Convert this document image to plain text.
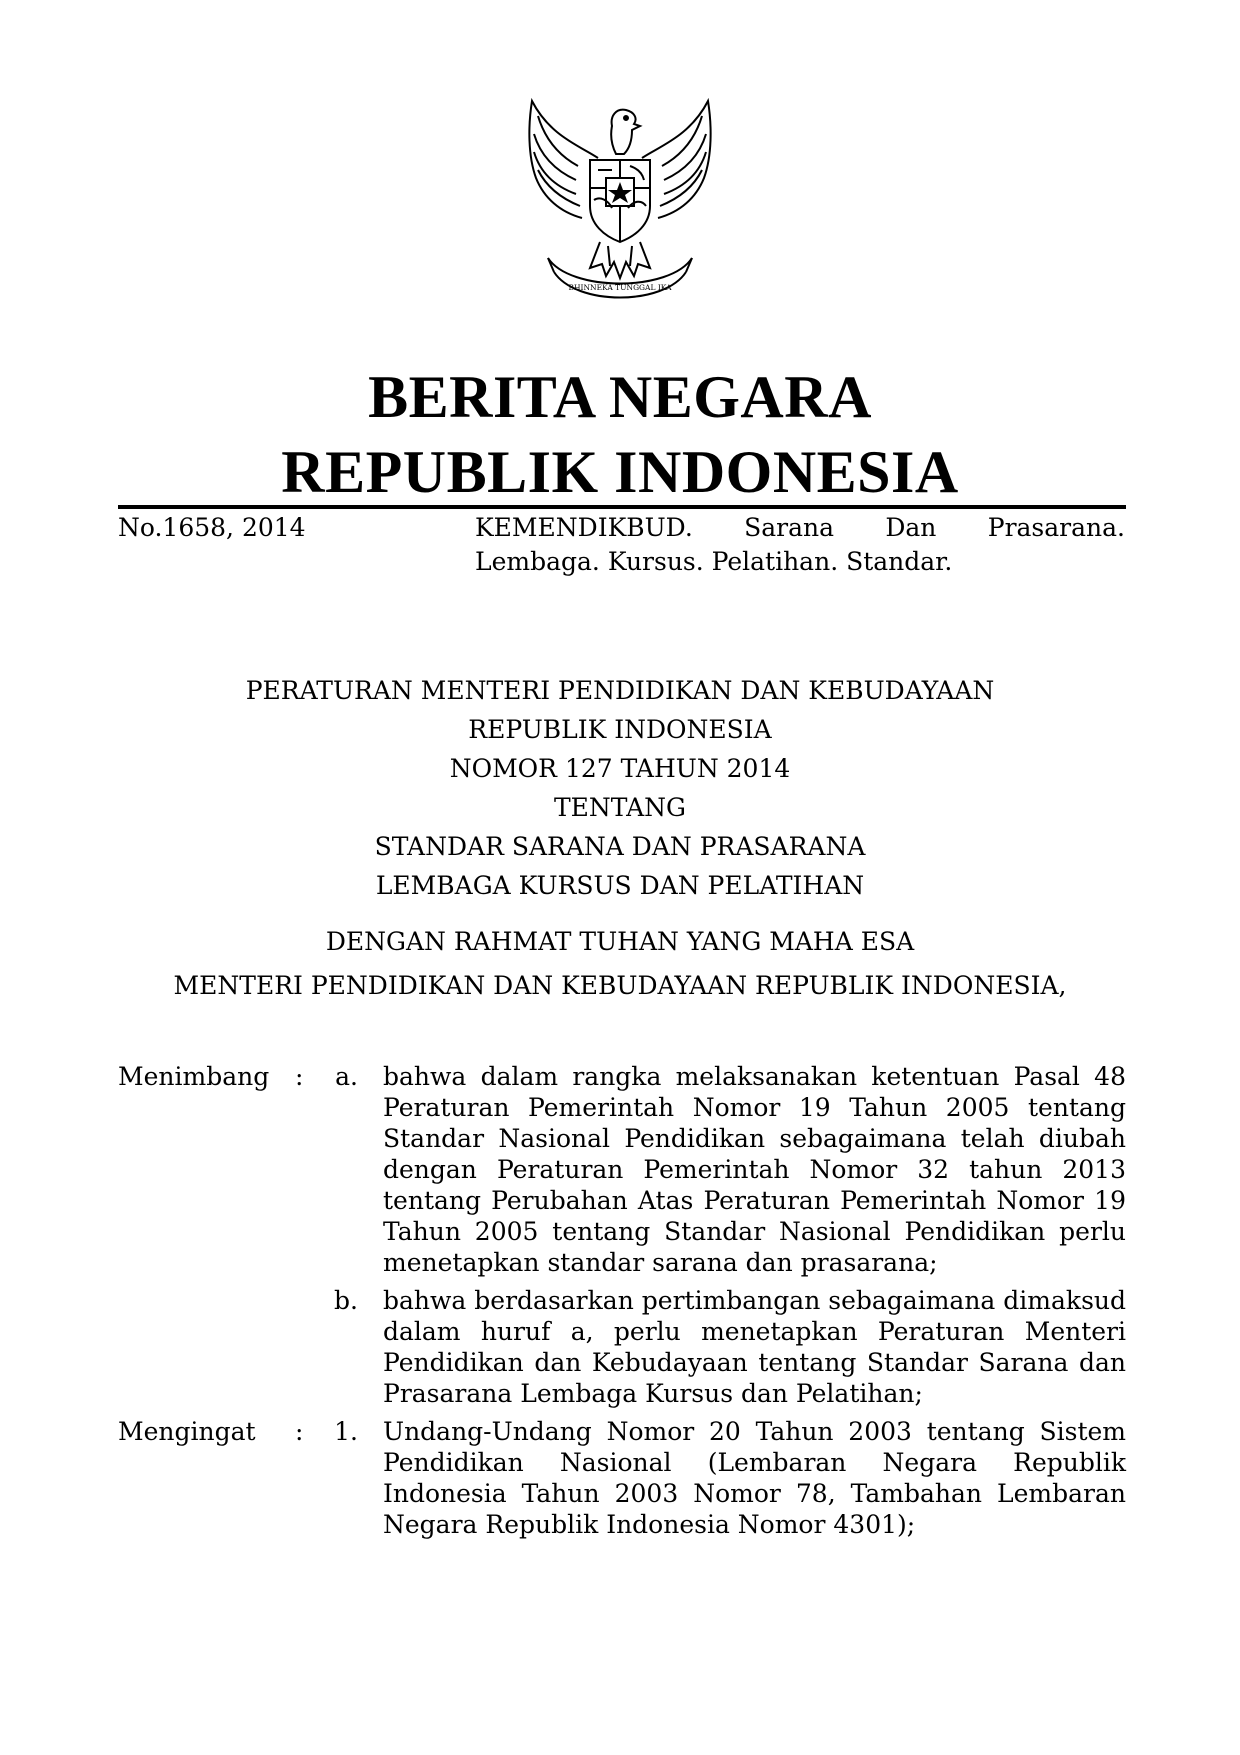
BHINNEKA TUNGGAL IKA
BERITA NEGARA
REPUBLIK INDONESIA
No.1658, 2014	KEMENDIKBUD. Sarana Dan Prasarana.
Lembaga. Kursus. Pelatihan. Standar.
PERATURAN MENTERI PENDIDIKAN DAN KEBUDAYAAN
REPUBLIK INDONESIA
NOMOR 127 TAHUN 2014
TENTANG
STANDAR SARANA DAN PRASARANA
LEMBAGA KURSUS DAN PELATIHAN
DENGAN RAHMAT TUHAN YANG MAHA ESA
MENTERI PENDIDIKAN DAN KEBUDAYAAN REPUBLIK INDONESIA,
Menimbang :	a. bahwa dalam rangka melaksanakan ketentuan Pasal 48 Peraturan Pemerintah Nomor 19 Tahun 2005 tentang Standar Nasional Pendidikan sebagaimana telah diubah dengan Peraturan Pemerintah Nomor 32 tahun 2013 tentang Perubahan Atas Peraturan Pemerintah Nomor 19 Tahun 2005 tentang Standar Nasional Pendidikan perlu menetapkan standar sarana dan prasarana;
b. bahwa berdasarkan pertimbangan sebagaimana dimaksud dalam huruf a, perlu menetapkan Peraturan Menteri Pendidikan dan Kebudayaan tentang Standar Sarana dan Prasarana Lembaga Kursus dan Pelatihan;
Mengingat :	1. Undang-Undang Nomor 20 Tahun 2003 tentang Sistem Pendidikan Nasional (Lembaran Negara Republik Indonesia Tahun 2003 Nomor 78, Tambahan Lembaran Negara Republik Indonesia Nomor 4301);
